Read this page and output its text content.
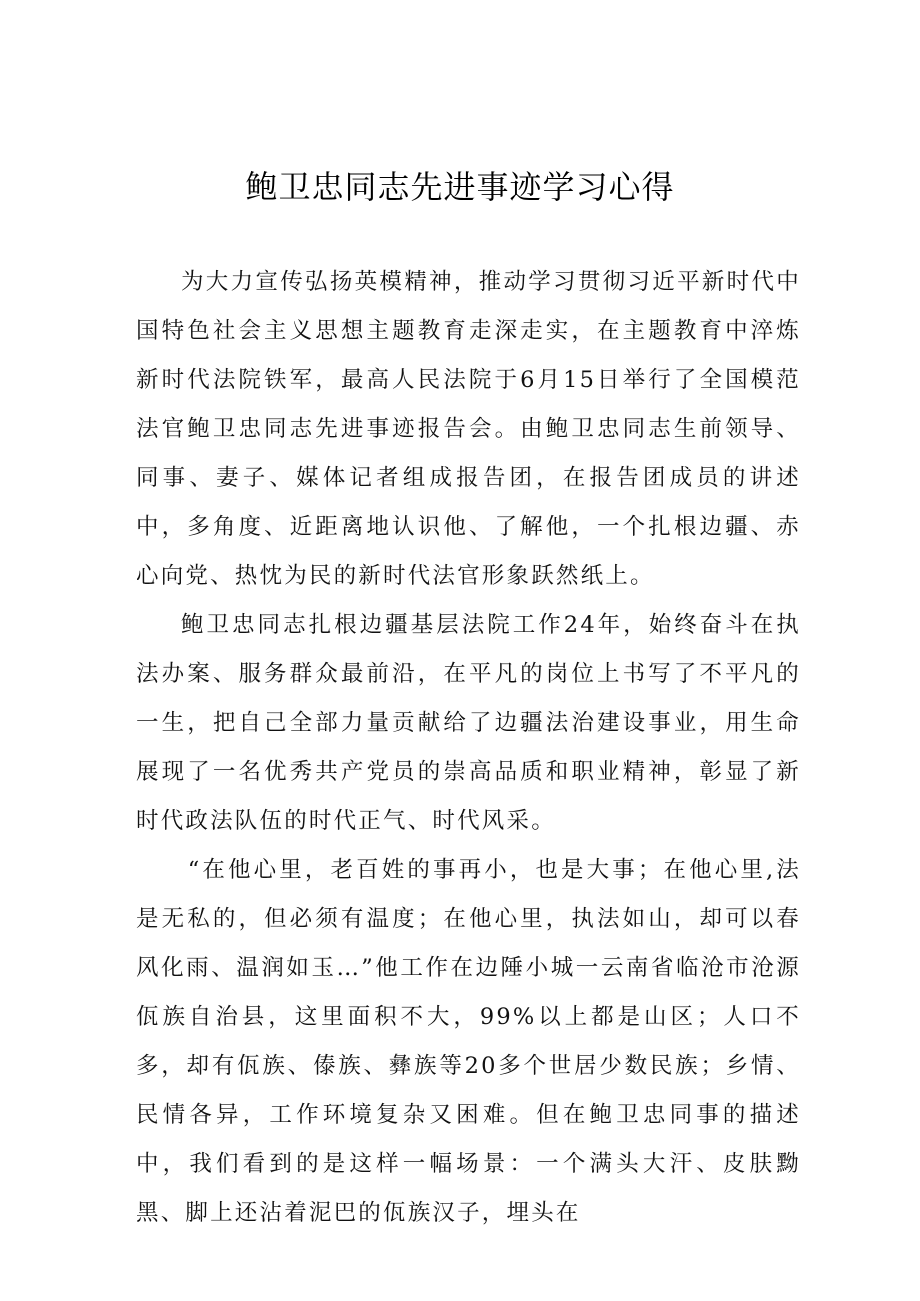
鲍卫忠同志先进事迹学习心得

为大力宣传弘扬英模精神，推动学习贯彻习近平新时代中国特色社会主义思想主题教育走深走实，在主题教育中淬炼新时代法院铁军，最高人民法院于6月15日举行了全国模范法官鲍卫忠同志先进事迹报告会。由鲍卫忠同志生前领导、同事、妻子、媒体记者组成报告团，在报告团成员的讲述中，多角度、近距离地认识他、了解他，一个扎根边疆、赤心向党、热忱为民的新时代法官形象跃然纸上。

鲍卫忠同志扎根边疆基层法院工作24年，始终奋斗在执法办案、服务群众最前沿，在平凡的岗位上书写了不平凡的一生，把自己全部力量贡献给了边疆法治建设事业，用生命展现了一名优秀共产党员的崇高品质和职业精神，彰显了新时代政法队伍的时代正气、时代风采。

“在他心里，老百姓的事再小，也是大事；在他心里,法是无私的，但必须有温度；在他心里，执法如山，却可以春风化雨、温润如玉…”他工作在边陲小城一云南省临沧市沧源佤族自治县，这里面积不大，99%以上都是山区；人口不多，却有佤族、傣族、彝族等20多个世居少数民族；乡情、民情各异，工作环境复杂又困难。但在鲍卫忠同事的描述中，我们看到的是这样一幅场景：一个满头大汗、皮肤黝黑、脚上还沾着泥巴的佤族汉子，埋头在
